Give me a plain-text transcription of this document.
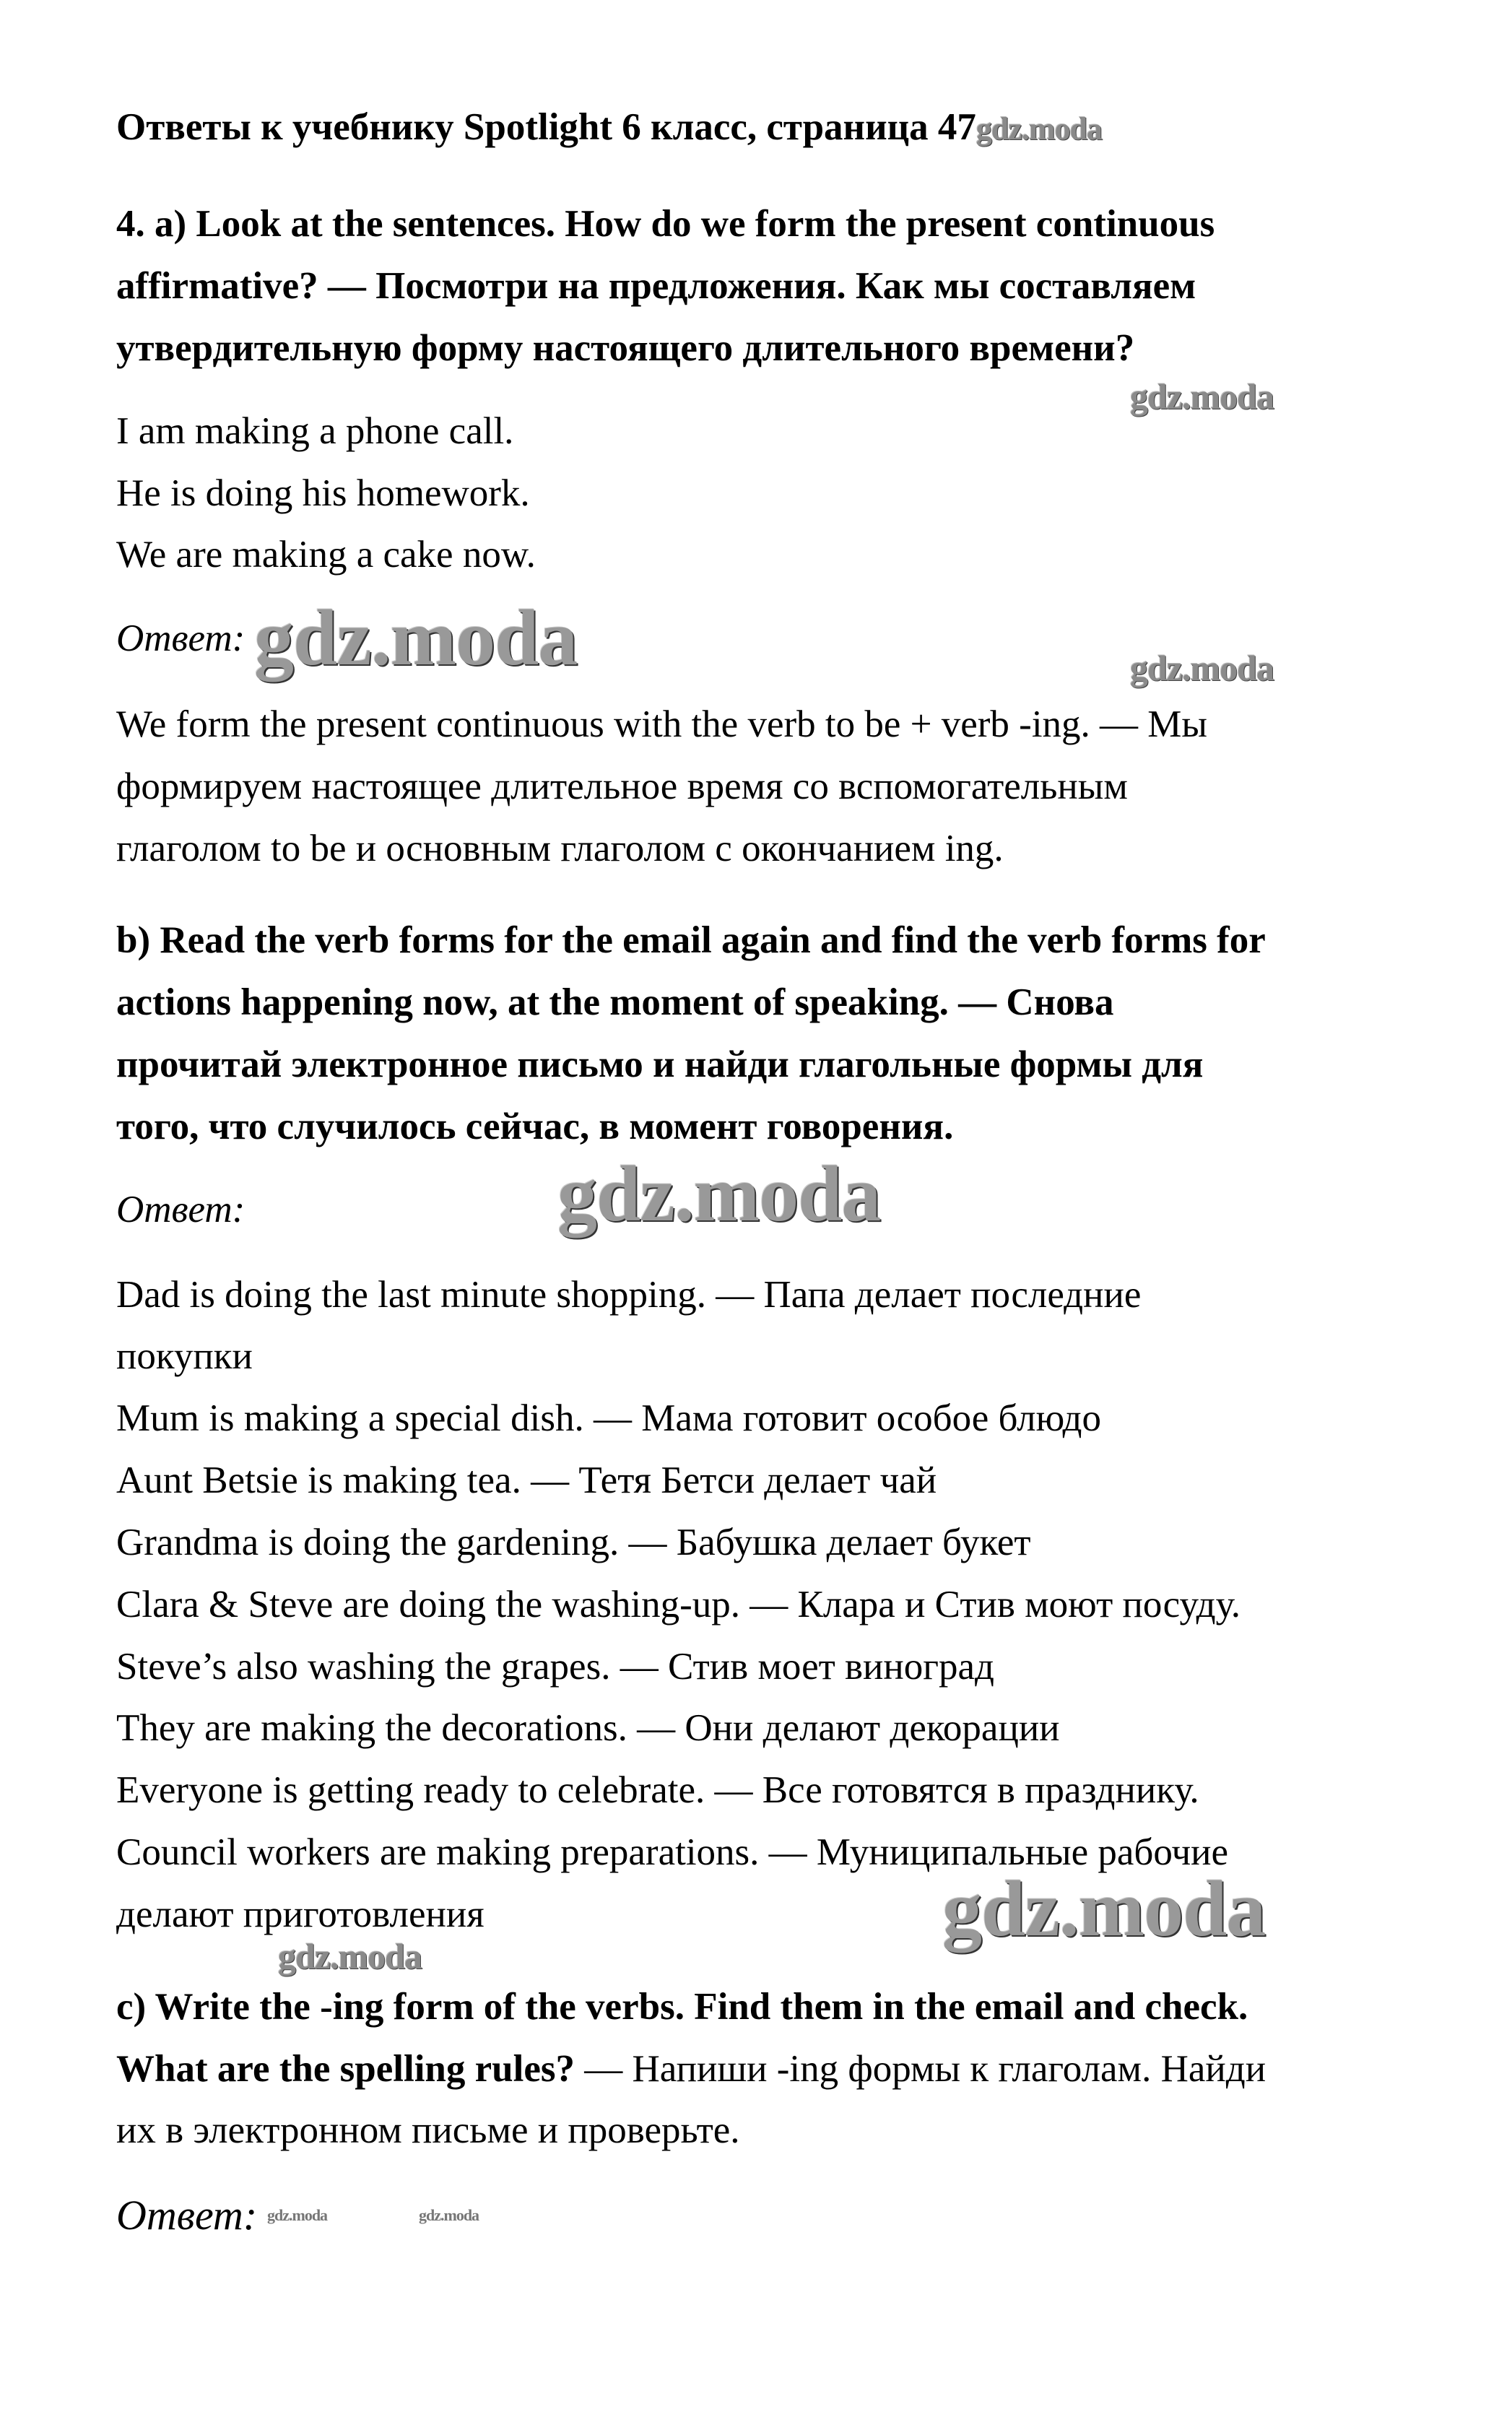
Ответы к учебнику Spotlight 6 класс, страница 47gdz.moda
4. a) Look at the sentences. How do we form the present continuous
affirmative? — Посмотри на предложения. Как мы составляем
утвердительную форму настоящего длительного времени?
gdz.moda
I am making a phone call.
He is doing his homework.
We are making a cake now.
Ответ: gdz.moda	gdz.moda
We form the present continuous with the verb to be + verb -ing. — Мы
формируем настоящее длительное время со вспомогательным
глаголом to be и основным глаголом с окончанием ing.
b) Read the verb forms for the email again and find the verb forms for
actions happening now, at the moment of speaking. — Снова
прочитай электронное письмо и найди глагольные формы для
того, что случилось сейчас, в момент говорения.
Ответ:	gdz.moda
Dad is doing the last minute shopping. — Папа делает последние
покупки
Mum is making a special dish. — Мама готовит особое блюдо
Aunt Betsie is making tea. — Тетя Бетси делает чай
Grandma is doing the gardening. — Бабушка делает букет
Clara & Steve are doing the washing-up. — Клара и Стив моют посуду.
Steve’s also washing the grapes. — Стив моет виноград
They are making the decorations. — Они делают декорации
Everyone is getting ready to celebrate. — Все готовятся в празднику.
Council workers are making preparations. — Муниципальные рабочие
делают приготовления	gdz.moda
gdz.moda
c) Write the -ing form of the verbs. Find them in the email and check.
What are the spelling rules? — Напиши -ing формы к глаголам. Найди
их в электронном письме и проверьте.
Ответ: gdz.moda	gdz.moda
